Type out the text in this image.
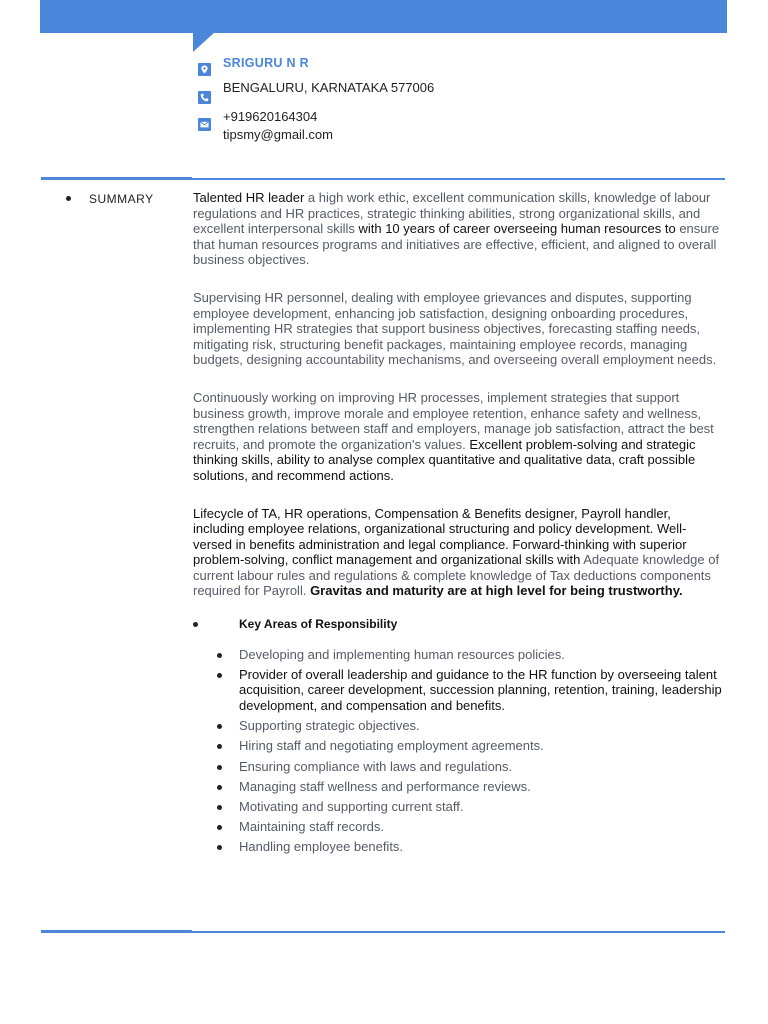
SRIGURU N R
BENGALURU, KARNATAKA 577006
+919620164304
tipsmy@gmail.com
SUMMARY	Talented HR leader a high work ethic, excellent communication skills, knowledge of labour regulations and HR practices, strategic thinking abilities, strong organizational skills, and excellent interpersonal skills with 10 years of career overseeing human resources to ensure that human resources programs and initiatives are effective, efficient, and aligned to overall business objectives.

Supervising HR personnel, dealing with employee grievances and disputes, supporting employee development, enhancing job satisfaction, designing onboarding procedures, implementing HR strategies that support business objectives, forecasting staffing needs, mitigating risk, structuring benefit packages, maintaining employee records, managing budgets, designing accountability mechanisms, and overseeing overall employment needs.

Continuously working on improving HR processes, implement strategies that support business growth, improve morale and employee retention, enhance safety and wellness, strengthen relations between staff and employers, manage job satisfaction, attract the best recruits, and promote the organization's values. Excellent problem-solving and strategic thinking skills, ability to analyse complex quantitative and qualitative data, craft possible solutions, and recommend actions.

Lifecycle of TA, HR operations, Compensation & Benefits designer, Payroll handler, including employee relations, organizational structuring and policy development. Well-versed in benefits administration and legal compliance. Forward-thinking with superior problem-solving, conflict management and organizational skills with Adequate knowledge of current labour rules and regulations & complete knowledge of Tax deductions components required for Payroll. Gravitas and maturity are at high level for being trustworthy.

Key Areas of Responsibility
Developing and implementing human resources policies.
Provider of overall leadership and guidance to the HR function by overseeing talent acquisition, career development, succession planning, retention, training, leadership development, and compensation and benefits.
Supporting strategic objectives.
Hiring staff and negotiating employment agreements.
Ensuring compliance with laws and regulations.
Managing staff wellness and performance reviews.
Motivating and supporting current staff.
Maintaining staff records.
Handling employee benefits.
